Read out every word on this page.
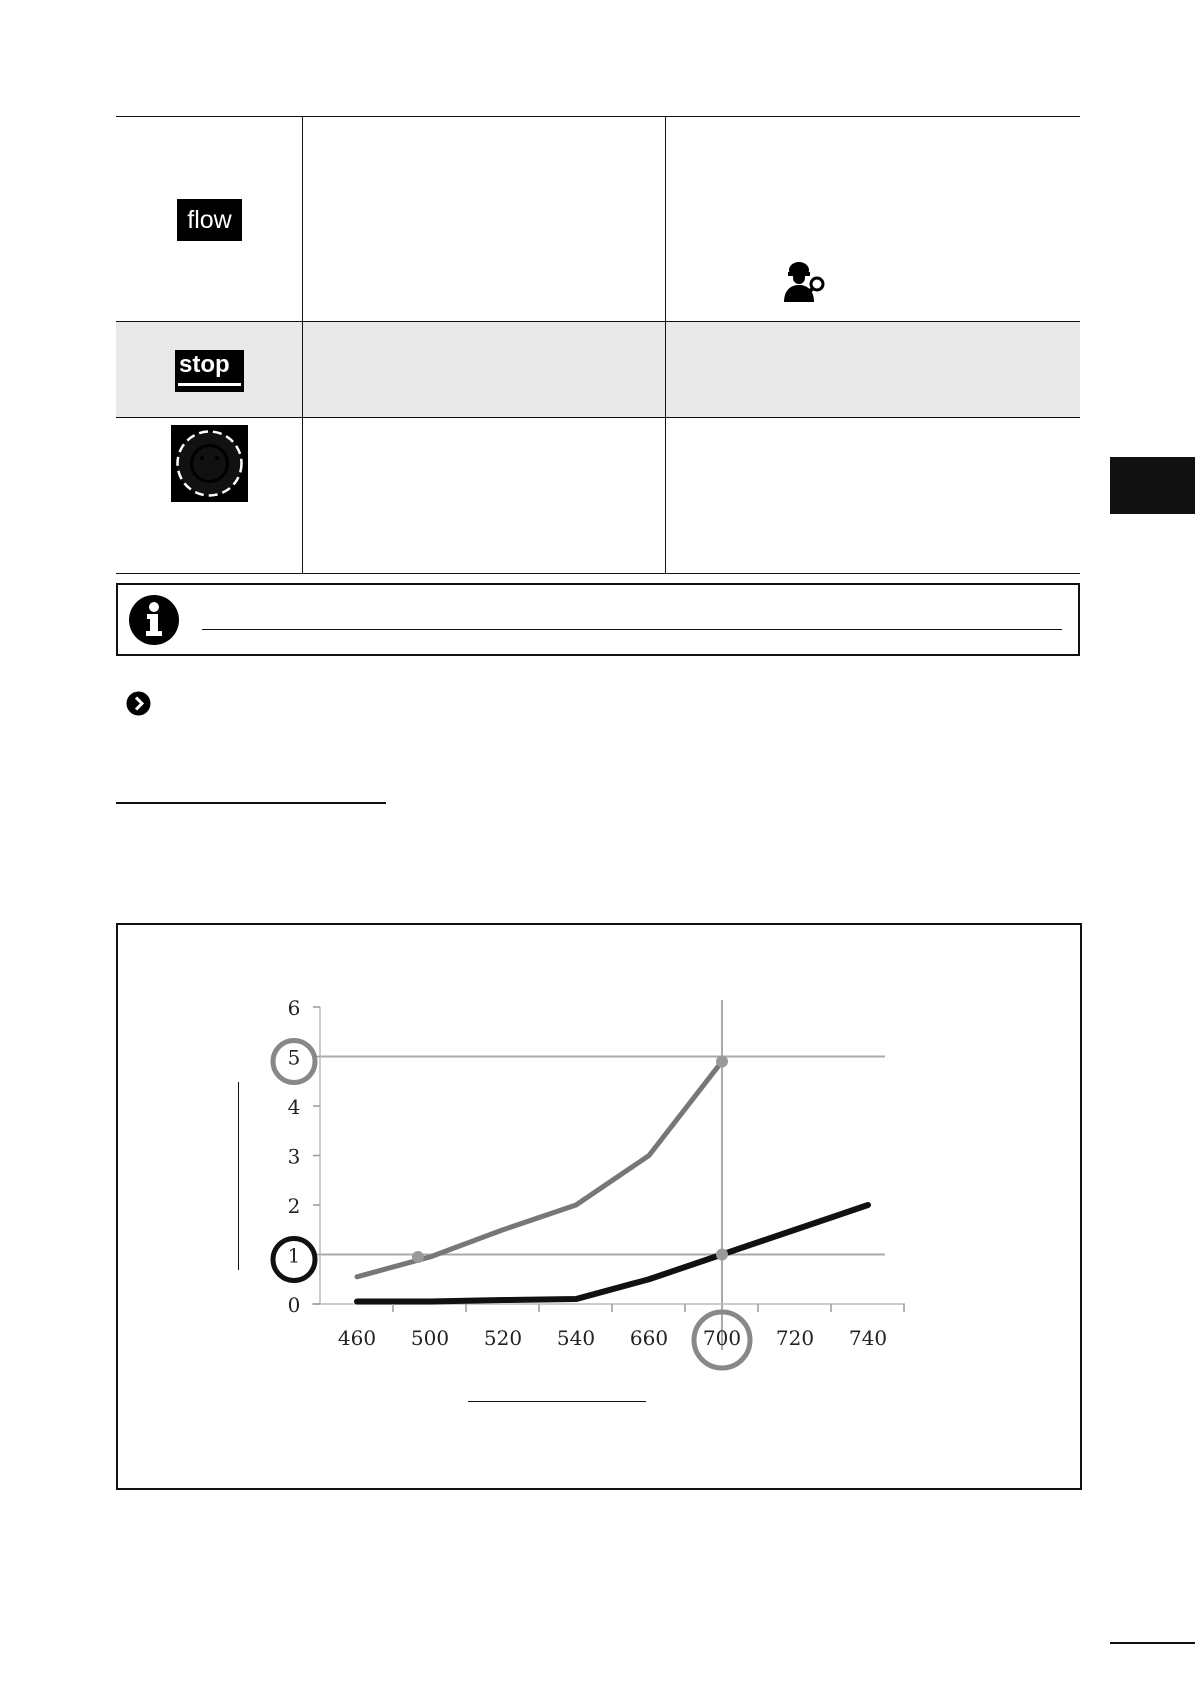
flow
stop
0
1
2
3
4
5
6
460 500 520 540 660 700 720 740
